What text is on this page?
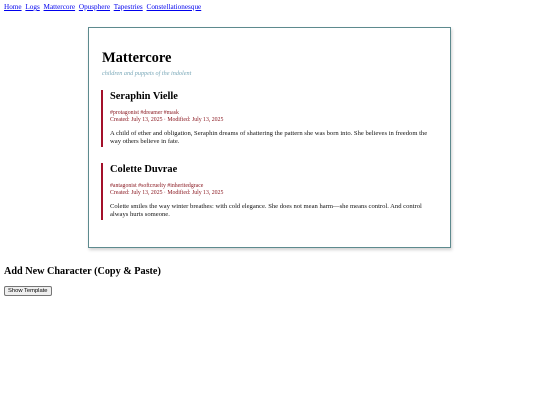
Home Logs Mattercore Opusphere Tapestries Constellationesque
Mattercore

children and puppets of the indolent

Seraphin Vielle

#protagonist #dreamer #mask

Created: July 13, 2025 · Modified: July 13, 2025

A child of ether and obligation, Seraphin dreams of shattering the pattern she was born into. She believes in freedom the way others believe in fate.

Colette Duvrae

#antagonist #softcruelty #inheritedgrace

Created: July 13, 2025 · Modified: July 13, 2025

Colette smiles the way winter breathes: with cold elegance. She does not mean harm—she means control. And control always hurts someone.

Add New Character (Copy & Paste)
Show Template
